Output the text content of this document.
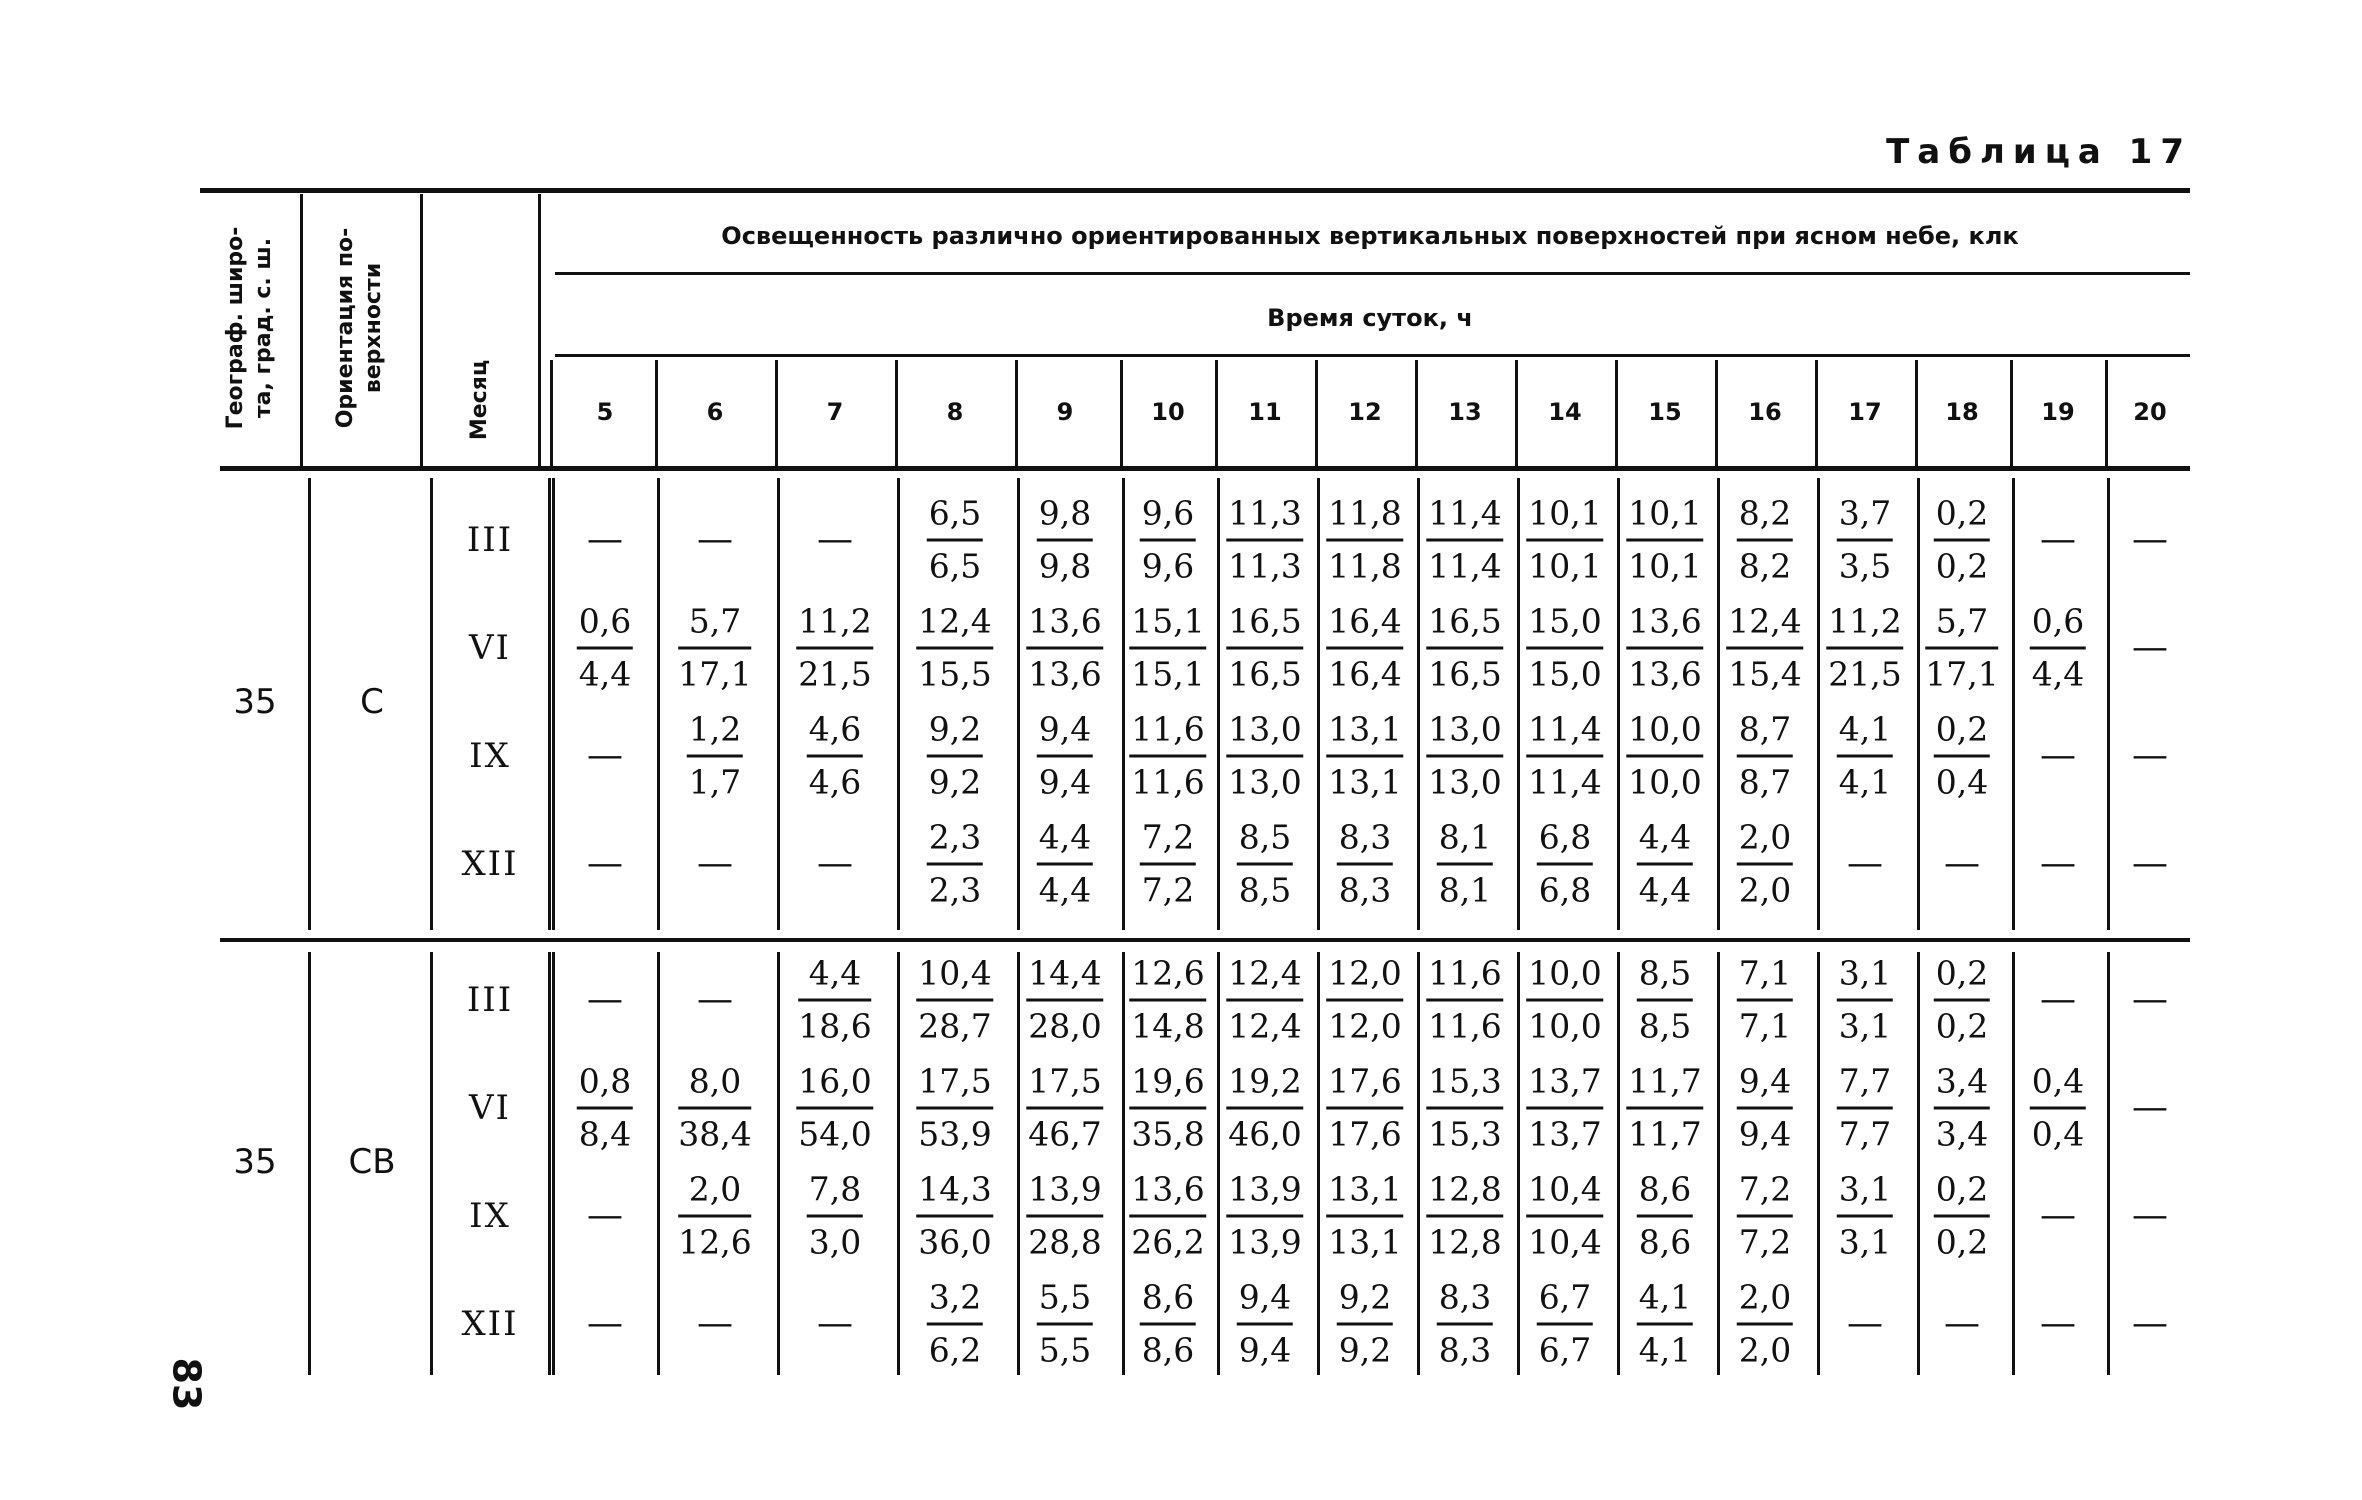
Таблица 17
83
Географ. широ- та, град. с. ш.	Ориентация по- верхности
Месяц
Освещенность различно ориентированных вертикальных поверхностей при ясном небе, клк
Время суток, ч
5	6	7	8	9	10	11	12	13	14	15	16	17	18	19 20
35 С
III — — — $\frac{6,5}{6,5} \frac{9,8}{9,8} \frac{9,6}{9,6} \frac{11,3}{11,3} \frac{11,8}{11,8} \frac{11,4}{11,4} \frac{10,1}{10,1} \frac{10,1}{10,1} \frac{8,2}{8,2} \frac{3,7}{3,5} \frac{0,2}{0,2}$ — —
VI $\frac{0,6}{4,4} \frac{5,7}{17,1} \frac{11,2}{21,5} \frac{12,4}{15,5} \frac{13,6}{13,6} \frac{15,1}{15,1} \frac{16,5}{16,5} \frac{16,4}{16,4} \frac{16,5}{16,5} \frac{15,0}{15,0} \frac{13,6}{13,6} \frac{12,4}{15,4} \frac{11,2}{21,5} \frac{5,7}{17,1} \frac{0,6}{4,4}$ —
IX — $\frac{1,2}{1,7} \frac{4,6}{4,6} \frac{9,2}{9,2} \frac{9,4}{9,4} \frac{11,6}{11,6} \frac{13,0}{13,0} \frac{13,1}{13,1} \frac{13,0}{13,0} \frac{11,4}{11,4} \frac{10,0}{10,0} \frac{8,7}{8,7} \frac{4,1}{4,1} \frac{0,2}{0,4}$ — —
XII — — — $\frac{2,3}{2,3} \frac{4,4}{4,4} \frac{7,2}{7,2} \frac{8,5}{8,5} \frac{8,3}{8,3} \frac{8,1}{8,1} \frac{6,8}{6,8} \frac{4,4}{4,4} \frac{2,0}{2,0}$ — — — —
35 СВ
III — — $\frac{4,4}{18,6} \frac{10,4}{28,7} \frac{14,4}{28,0} \frac{12,6}{14,8} \frac{12,4}{12,4} \frac{12,0}{12,0} \frac{11,6}{11,6} \frac{10,0}{10,0} \frac{8,5}{8,5} \frac{7,1}{7,1} \frac{3,1}{3,1} \frac{0,2}{0,2}$ — —
VI $\frac{0,8}{8,4} \frac{8,0}{38,4} \frac{16,0}{54,0} \frac{17,5}{53,9} \frac{17,5}{46,7} \frac{19,6}{35,8} \frac{19,2}{46,0} \frac{17,6}{17,6} \frac{15,3}{15,3} \frac{13,7}{13,7} \frac{11,7}{11,7} \frac{9,4}{9,4} \frac{7,7}{7,7} \frac{3,4}{3,4} \frac{0,4}{0,4}$ —
IX — $\frac{2,0}{12,6} \frac{7,8}{3,0} \frac{14,3}{36,0} \frac{13,9}{28,8} \frac{13,6}{26,2} \frac{13,9}{13,9} \frac{13,1}{13,1} \frac{12,8}{12,8} \frac{10,4}{10,4} \frac{8,6}{8,6} \frac{7,2}{7,2} \frac{3,1}{3,1} \frac{0,2}{0,2}$ — —
XII — — — $\frac{3,2}{6,2} \frac{5,5}{5,5} \frac{8,6}{8,6} \frac{9,4}{9,4} \frac{9,2}{9,2} \frac{8,3}{8,3} \frac{6,7}{6,7} \frac{4,1}{4,1} \frac{2,0}{2,0}$ — — — —
